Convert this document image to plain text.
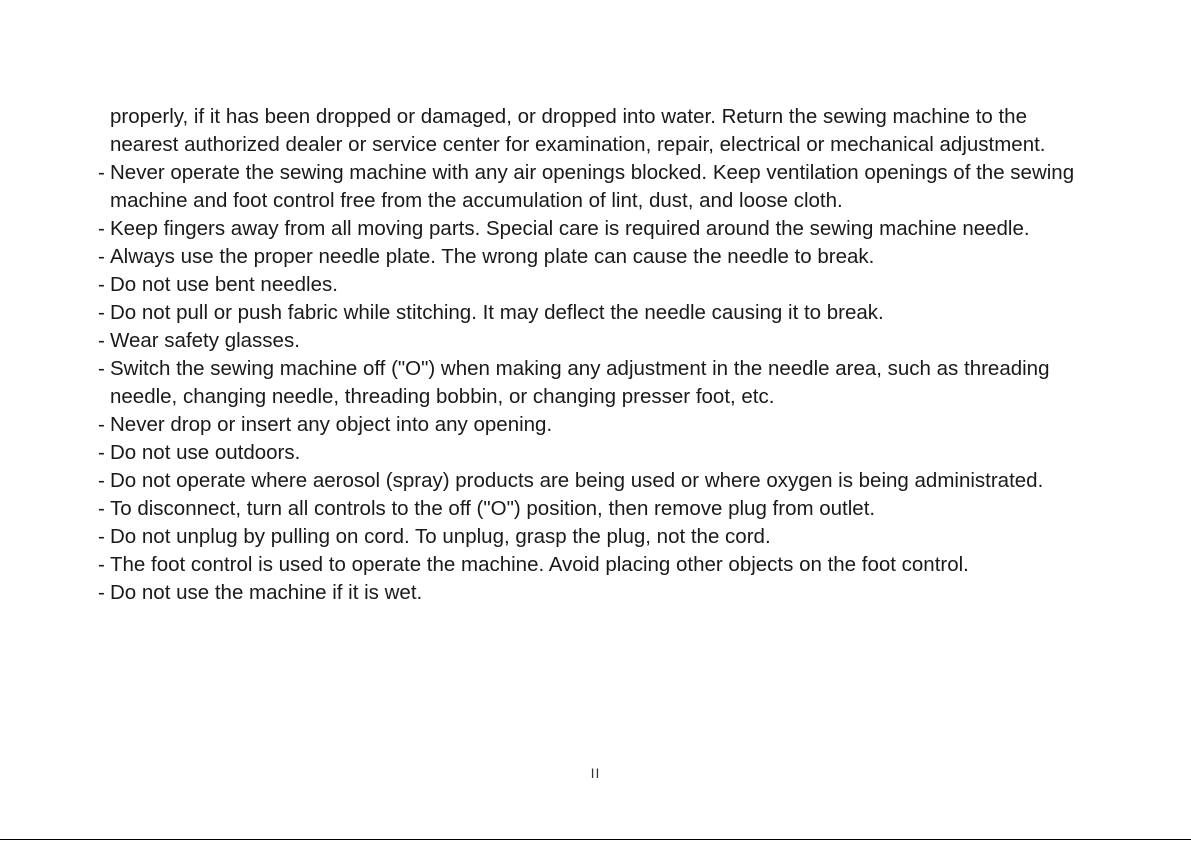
properly, if it has been dropped or damaged, or dropped into water. Return the sewing machine to the nearest authorized dealer or service center for examination, repair, electrical or mechanical adjustment.

- Never operate the sewing machine with any air openings blocked. Keep ventilation openings of the sewing machine and foot control free from the accumulation of lint, dust, and loose cloth.

- Keep fingers away from all moving parts. Special care is required around the sewing machine needle.

- Always use the proper needle plate. The wrong plate can cause the needle to break.

- Do not use bent needles.

- Do not pull or push fabric while stitching. It may deflect the needle causing it to break.

- Wear safety glasses.

- Switch the sewing machine off ("O") when making any adjustment in the needle area, such as threading needle, changing needle, threading bobbin, or changing presser foot, etc.

- Never drop or insert any object into any opening.

- Do not use outdoors.

- Do not operate where aerosol (spray) products are being used or where oxygen is being administrated.

- To disconnect, turn all controls to the off ("O") position, then remove plug from outlet.

- Do not unplug by pulling on cord. To unplug, grasp the plug, not the cord.

- The foot control is used to operate the machine. Avoid placing other objects on the foot control.

- Do not use the machine if it is wet.

II
